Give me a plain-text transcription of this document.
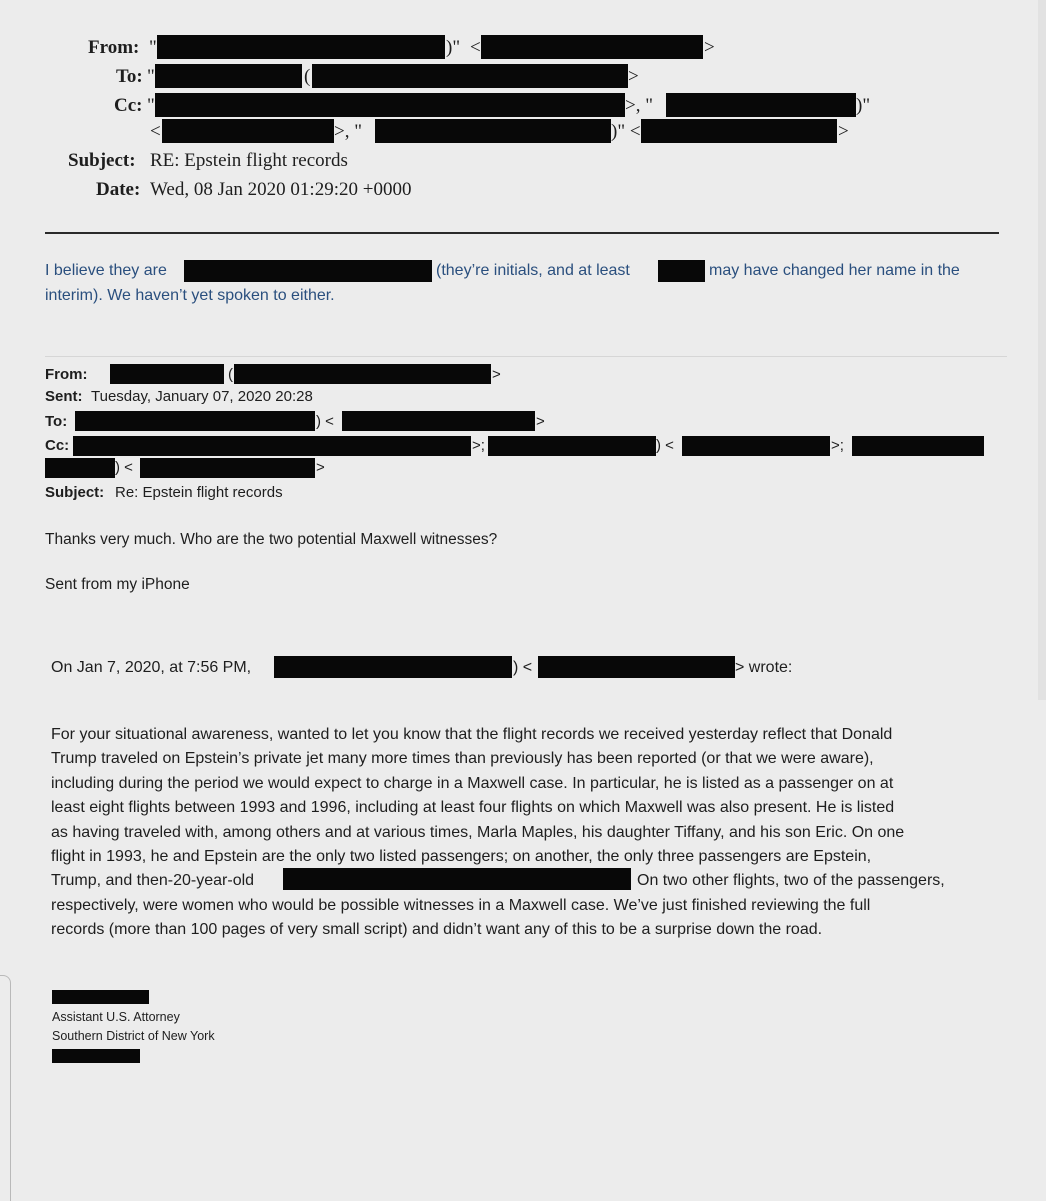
From: "	)" <	>
To: "	(	>
Cc: "	>, "	)"
<	>, "	)" <	>
Subject: RE: Epstein flight records
Date: Wed, 08 Jan 2020 01:29:20 +0000
I believe they are	(they’re initials, and at least	may have changed her name in the
interim). We haven’t yet spoken to either.
From:	(	>
Sent: Tuesday, January 07, 2020 20:28
To:	) <	>
Cc:	>;	) <	>;
) <	>
Subject: Re: Epstein flight records
Thanks very much. Who are the two potential Maxwell witnesses?
Sent from my iPhone
On Jan 7, 2020, at 7:56 PM,	) <	> wrote:
For your situational awareness, wanted to let you know that the flight records we received yesterday reflect that Donald
Trump traveled on Epstein’s private jet many more times than previously has been reported (or that we were aware),
including during the period we would expect to charge in a Maxwell case. In particular, he is listed as a passenger on at
least eight flights between 1993 and 1996, including at least four flights on which Maxwell was also present. He is listed
as having traveled with, among others and at various times, Marla Maples, his daughter Tiffany, and his son Eric. On one
flight in 1993, he and Epstein are the only two listed passengers; on another, the only three passengers are Epstein,
Trump, and then-20-year-old	On two other flights, two of the passengers,
respectively, were women who would be possible witnesses in a Maxwell case. We’ve just finished reviewing the full
records (more than 100 pages of very small script) and didn’t want any of this to be a surprise down the road.
Assistant U.S. Attorney
Southern District of New York
